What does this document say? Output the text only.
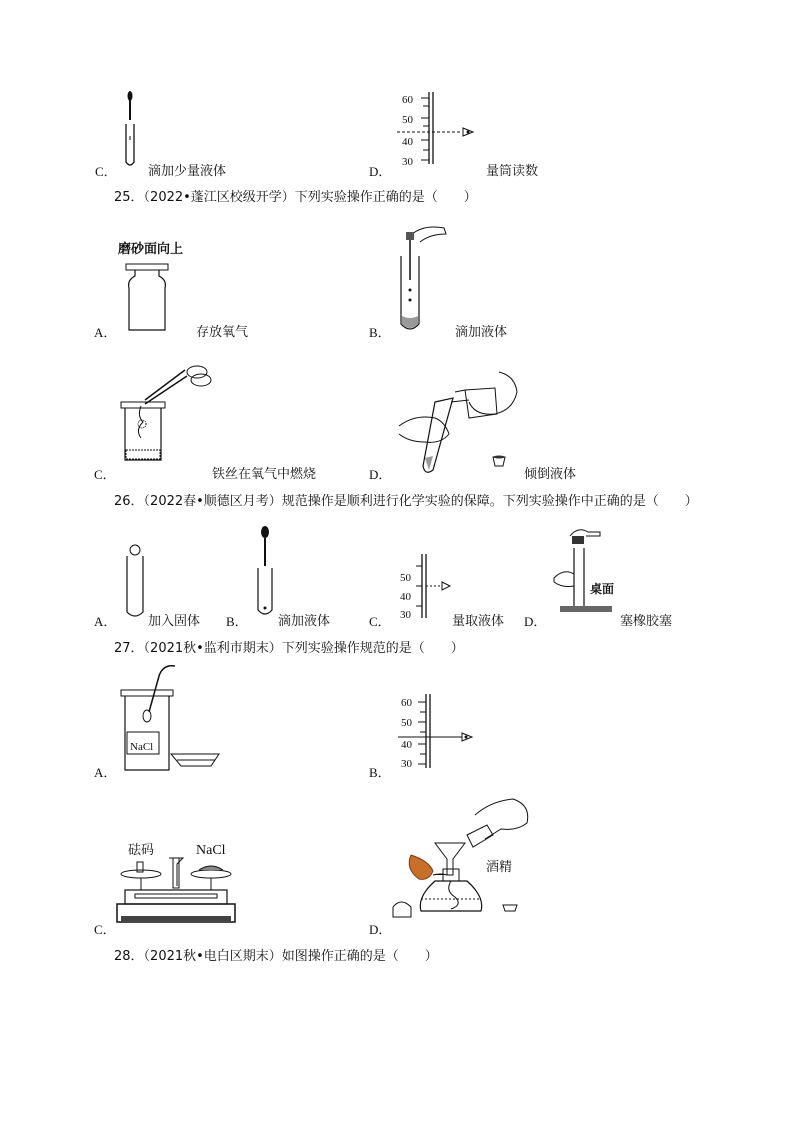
C． 滴加少量液体
60
50
40
30
D．	量筒读数
25．（2022•蓬江区校级开学）下列实验操作正确的是（　　）
磨砂面向上
A．	存放氧气	B．	滴加液体
C．	铁丝在氧气中燃烧	D．	倾倒液体
26．（2022春•顺德区月考）规范操作是顺利进行化学实验的保障。下列实验操作中正确的是（　　）
A． 加入固体 B． 滴加液体
50
40
30
C．	量取液体
桌面
D．	塞橡胶塞
27．（2021秋•监利市期末）下列实验操作规范的是（　　）
NaCl
A．
60
50
40
30
B．
砝码	NaCl
C．
酒精
D．
28．（2021秋•电白区期末）如图操作正确的是（　　）
